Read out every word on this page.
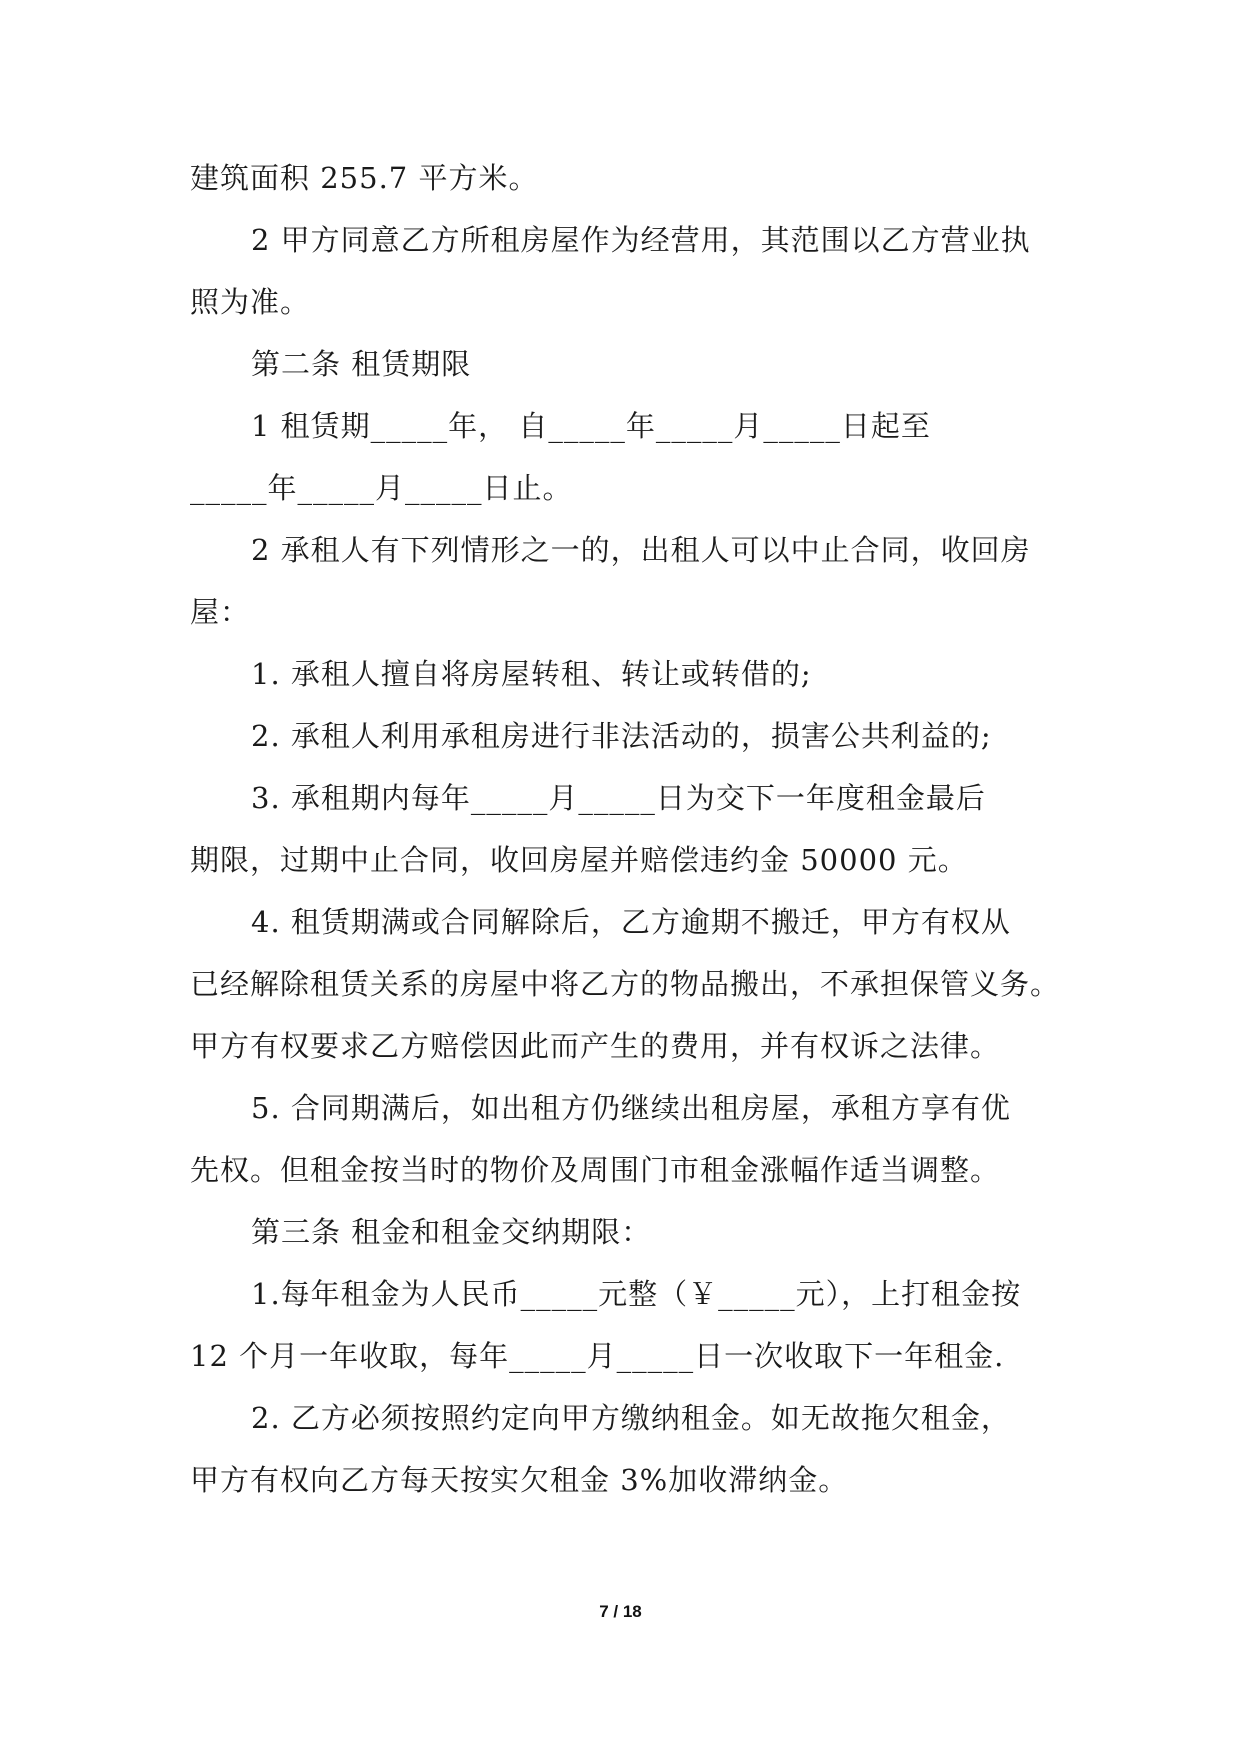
建筑面积 255.7 平方米。
2 甲方同意乙方所租房屋作为经营用，其范围以乙方营业执
照为准。
第二条 租赁期限
1 租赁期_____年， 自_____年_____月_____日起至
_____年_____月_____日止。
2 承租人有下列情形之一的，出租人可以中止合同，收回房
屋：
1. 承租人擅自将房屋转租、转让或转借的;
2. 承租人利用承租房进行非法活动的，损害公共利益的;
3. 承租期内每年_____月_____日为交下一年度租金最后
期限，过期中止合同，收回房屋并赔偿违约金 50000 元。
4. 租赁期满或合同解除后，乙方逾期不搬迁，甲方有权从
已经解除租赁关系的房屋中将乙方的物品搬出，不承担保管义务。
甲方有权要求乙方赔偿因此而产生的费用，并有权诉之法律。
5. 合同期满后，如出租方仍继续出租房屋，承租方享有优
先权。但租金按当时的物价及周围门市租金涨幅作适当调整。
第三条 租金和租金交纳期限：
1.每年租金为人民币_____元整（￥_____元），上打租金按
12 个月一年收取，每年_____月_____日一次收取下一年租金.
2. 乙方必须按照约定向甲方缴纳租金。如无故拖欠租金，
甲方有权向乙方每天按实欠租金 3%加收滞纳金。
7 / 18
